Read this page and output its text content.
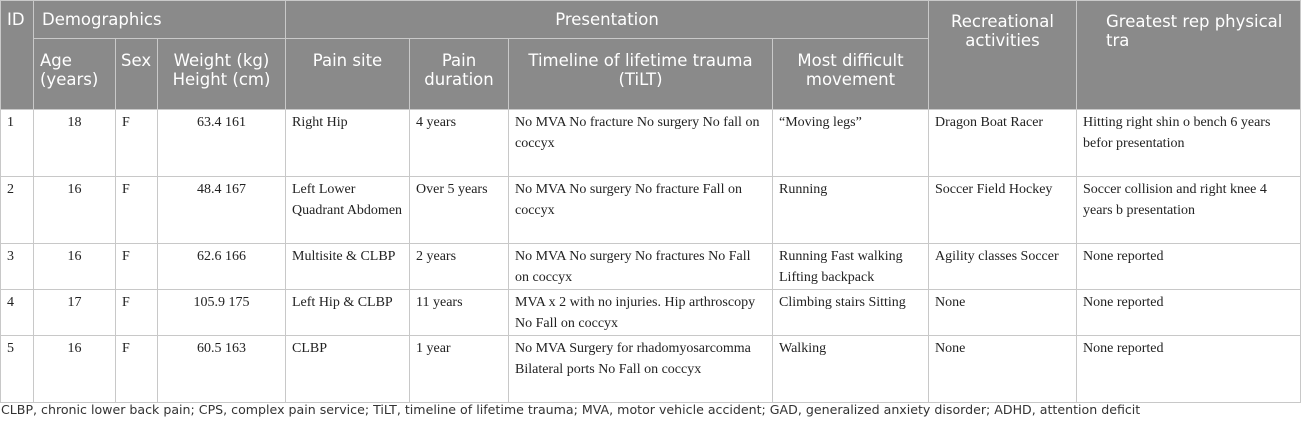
ID	Demographics			Presentation				Recreational activities	Greatest rep physical tra
	Age (years)	Sex	Weight (kg) Height (cm)	Pain site	Pain duration	Timeline of lifetime trauma (TiLT)	Most difficult movement		
1	18	F	63.4 161	Right Hip	4 years	No MVA No fracture No surgery No fall on coccyx	“Moving legs”	Dragon Boat Racer	Hitting right shin o bench 6 years befor presentation
2	16	F	48.4 167	Left Lower Quadrant Abdomen	Over 5 years	No MVA No surgery No fracture Fall on coccyx	Running	Soccer Field Hockey	Soccer collision and right knee 4 years b presentation
3	16	F	62.6 166	Multisite & CLBP	2 years	No MVA No surgery No fractures No Fall on coccyx	Running Fast walking Lifting backpack	Agility classes Soccer	None reported
4	17	F	105.9 175	Left Hip & CLBP	11 years	MVA x 2 with no injuries. Hip arthroscopy No Fall on coccyx	Climbing stairs Sitting	None	None reported
5	16	F	60.5 163	CLBP	1 year	No MVA Surgery for rhadomyosarcomma Bilateral ports No Fall on coccyx	Walking	None	None reported
CLBP, chronic lower back pain; CPS, complex pain service; TiLT, timeline of lifetime trauma; MVA, motor vehicle accident; GAD, generalized anxiety disorder; ADHD, attention deficit
